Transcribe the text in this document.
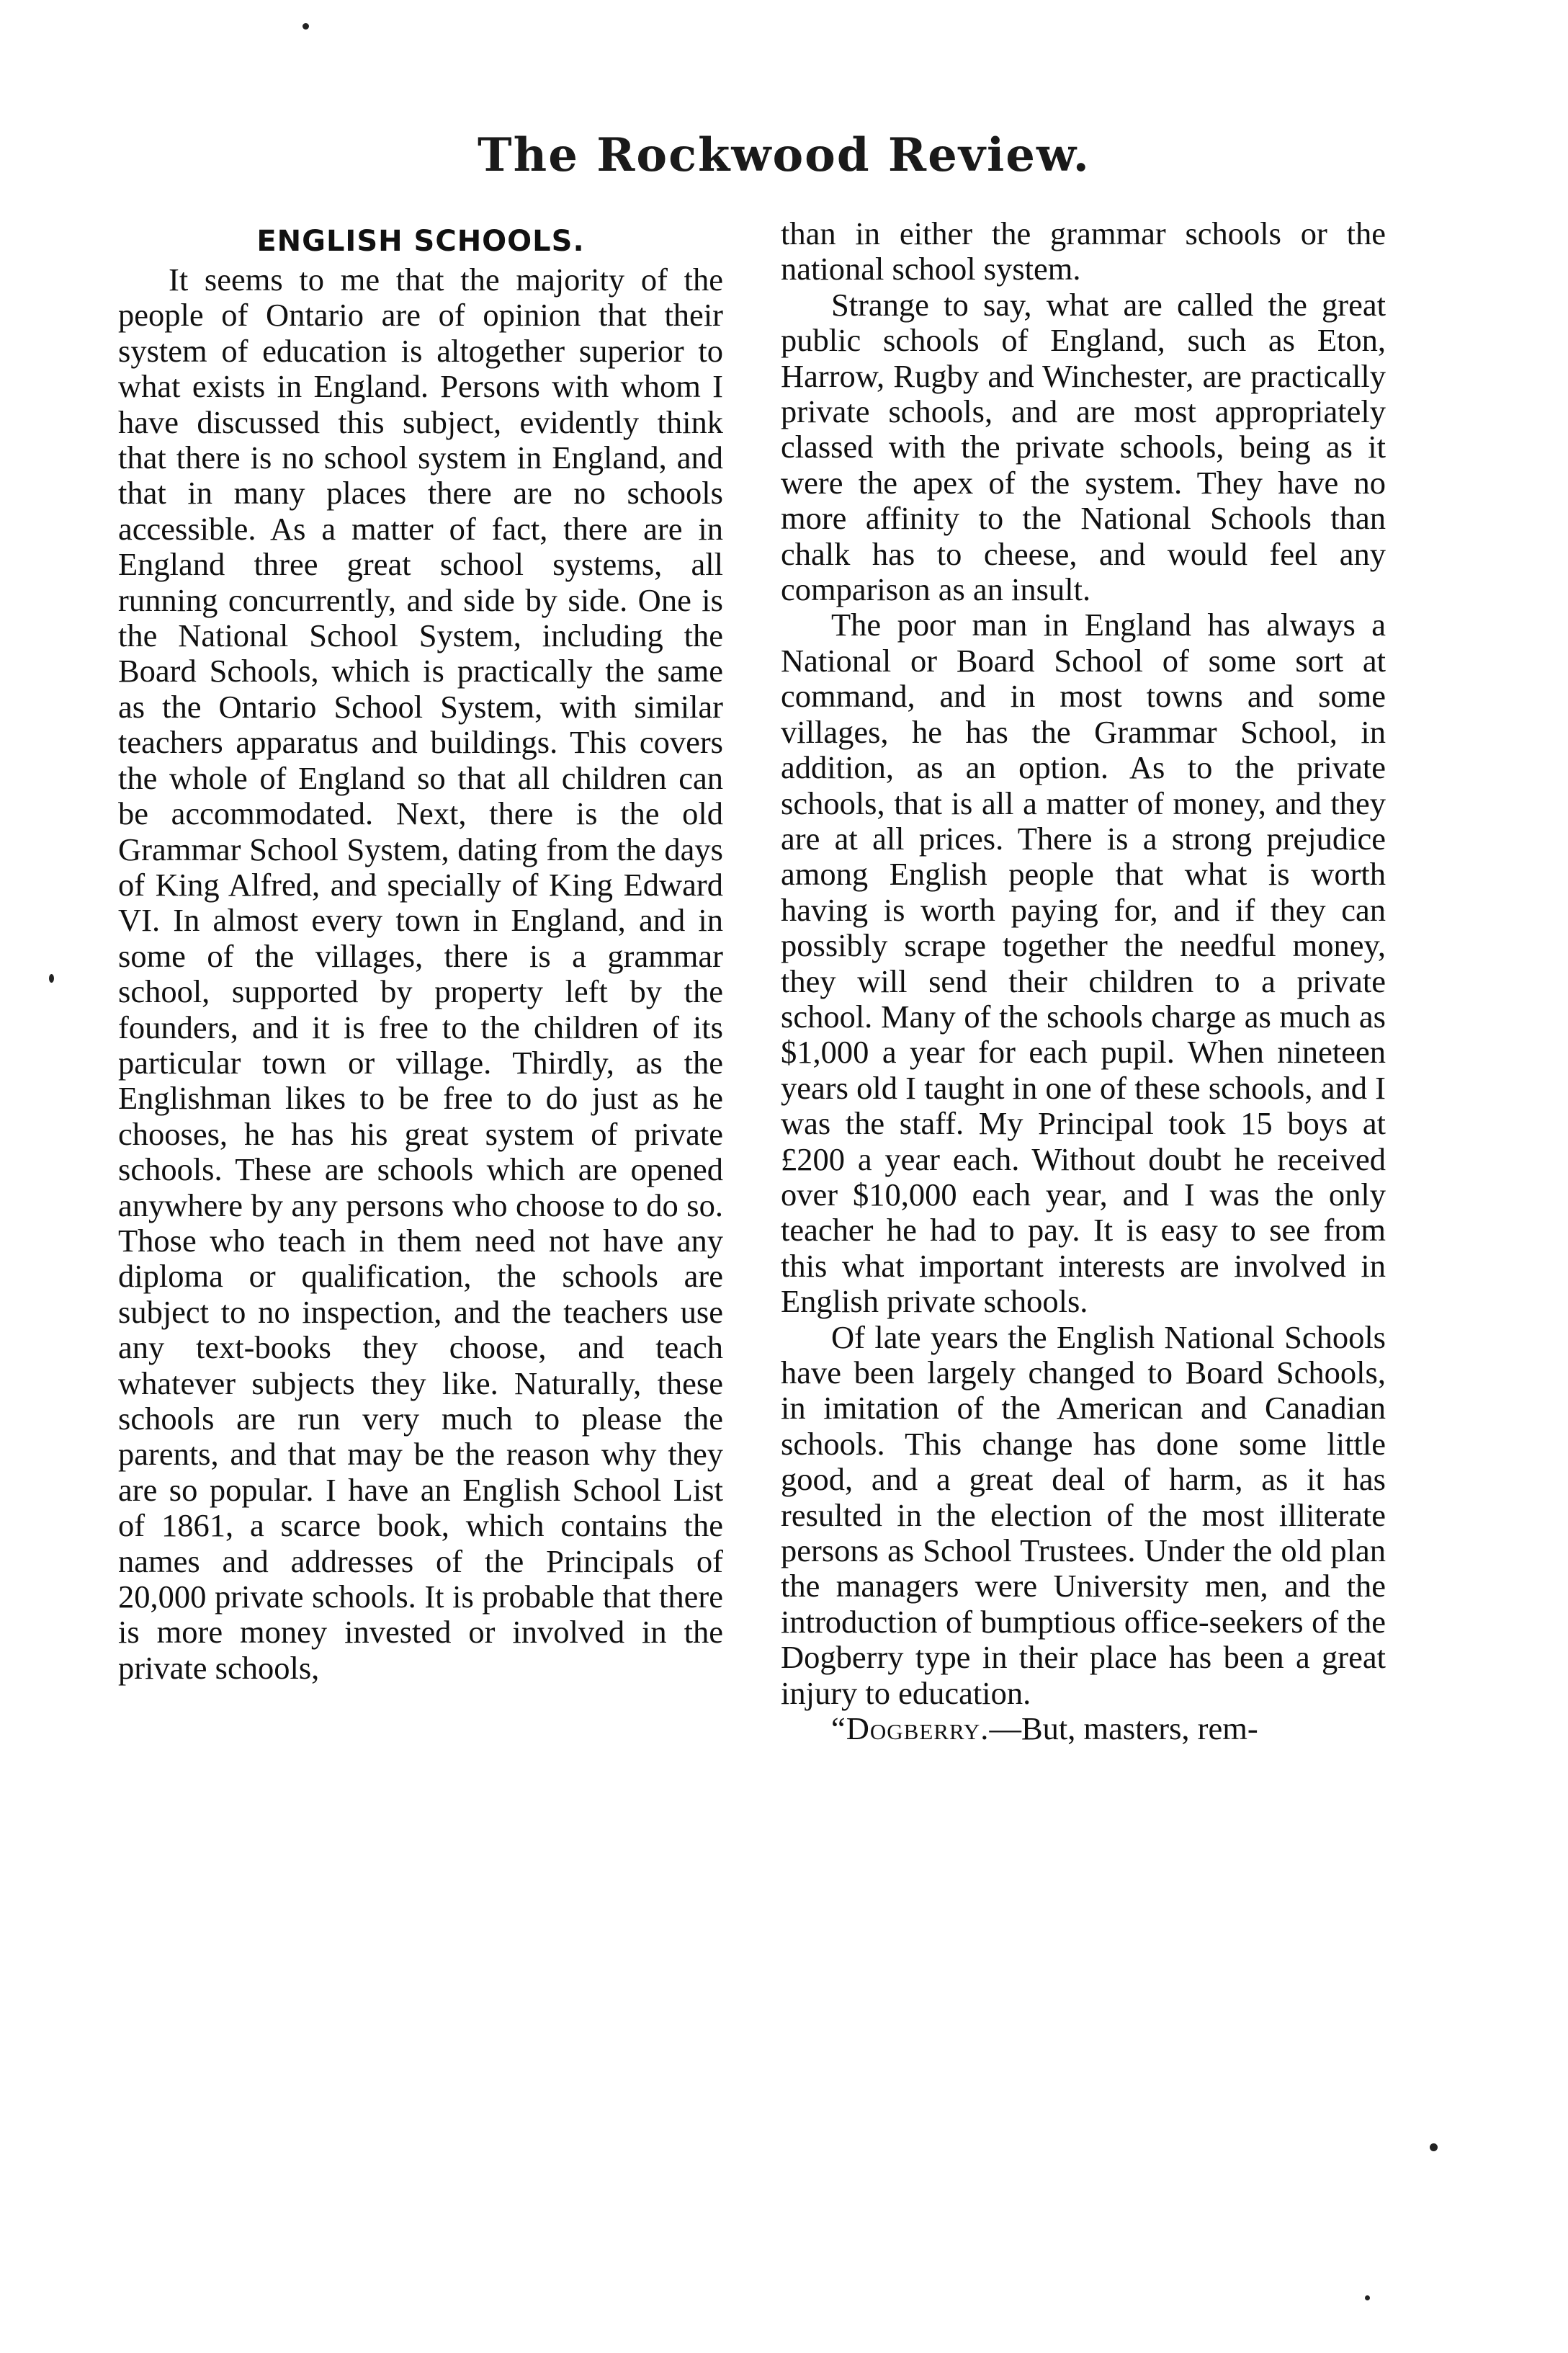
The Rockwood Review.
ENGLISH SCHOOLS.

It seems to me that the majority of the people of Ontario are of opinion that their system of education is altogether superior to what exists in England. Persons with whom I have discussed this subject, evidently think that there is no school system in England, and that in many places there are no schools accessible. As a matter of fact, there are in England three great school systems, all running concurrently, and side by side. One is the National School System, including the Board Schools, which is practically the same as the Ontario School System, with similar teachers apparatus and buildings. This covers the whole of England so that all children can be accommodated. Next, there is the old Grammar School System, dating from the days of King Alfred, and specially of King Edward VI. In almost every town in England, and in some of the villages, there is a grammar school, supported by property left by the founders, and it is free to the children of its particular town or village. Thirdly, as the Englishman likes to be free to do just as he chooses, he has his great system of private schools. These are schools which are opened anywhere by any persons who choose to do so. Those who teach in them need not have any diploma or qualification, the schools are subject to no inspection, and the teachers use any text-books they choose, and teach whatever subjects they like. Naturally, these schools are run very much to please the parents, and that may be the reason why they are so popular. I have an English School List of 1861, a scarce book, which contains the names and addresses of the Principals of 20,000 private schools. It is probable that there is more money invested or involved in the private schools,

than in either the grammar schools or the national school system.

Strange to say, what are called the great public schools of England, such as Eton, Harrow, Rugby and Winchester, are practically private schools, and are most appropriately classed with the private schools, being as it were the apex of the system. They have no more affinity to the National Schools than chalk has to cheese, and would feel any comparison as an insult.

The poor man in England has always a National or Board School of some sort at command, and in most towns and some villages, he has the Grammar School, in addition, as an option. As to the private schools, that is all a matter of money, and they are at all prices. There is a strong prejudice among English people that what is worth having is worth paying for, and if they can possibly scrape together the needful money, they will send their children to a private school. Many of the schools charge as much as $1,000 a year for each pupil. When nineteen years old I taught in one of these schools, and I was the staff. My Principal took 15 boys at £200 a year each. Without doubt he received over $10,000 each year, and I was the only teacher he had to pay. It is easy to see from this what important interests are involved in English private schools.

Of late years the English National Schools have been largely changed to Board Schools, in imitation of the American and Canadian schools. This change has done some little good, and a great deal of harm, as it has resulted in the election of the most illiterate persons as School Trustees. Under the old plan the managers were University men, and the introduction of bumptious office-seekers of the Dogberry type in their place has been a great injury to education.

“Dogberry.—But, masters, rem-
